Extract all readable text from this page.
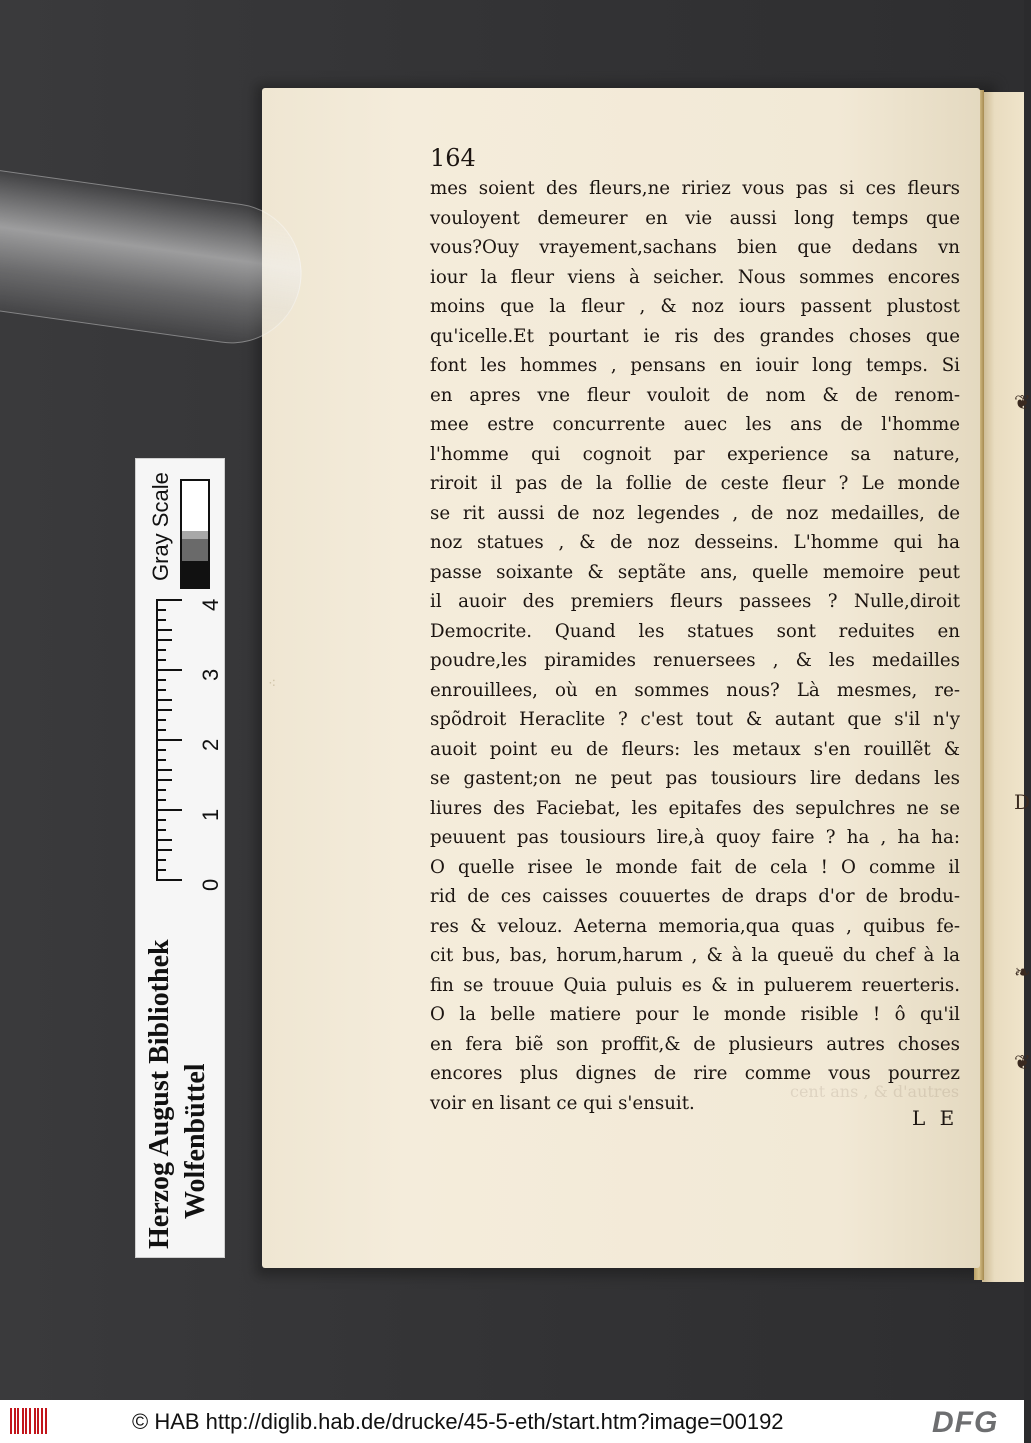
❦
D
❧
❦
cent ans , & d'autres
⁖
164
mes soient des fleurs,ne ririez vous pas si ces fleurs
vouloyent demeurer en vie aussi long temps que
vous?Ouy vrayement,sachans bien que dedans vn
iour la fleur viens à seicher. Nous sommes encores
moins que la fleur , & noz iours passent plustost
qu'icelle.Et pourtant ie ris des grandes choses que
font les hommes , pensans en iouir long temps. Si
en apres vne fleur vouloit de nom & de renom-
mee estre concurrente auec les ans de l'homme
l'homme qui cognoit par experience sa nature,
riroit il pas de la follie de ceste fleur ? Le monde
se rit aussi de noz legendes , de noz medailles, de
noz statues , & de noz desseins. L'homme qui ha
passe soixante & septãte ans, quelle memoire peut
il auoir des premiers fleurs passees ? Nulle,diroit
Democrite. Quand les statues sont reduites en
poudre,les piramides renuersees , & les medailles
enrouillees, où en sommes nous? Là mesmes, re-
spõdroit Heraclite ? c'est tout & autant que s'il n'y
auoit point eu de fleurs: les metaux s'en rouillẽt &
se gastent;on ne peut pas tousiours lire dedans les
liures des Faciebat, les epitafes des sepulchres ne se
peuuent pas tousiours lire,à quoy faire ? ha , ha ha:
O quelle risee le monde fait de cela ! O comme il
rid de ces caisses couuertes de draps d'or de brodu-
res & velouz. Aeterna memoria,qua quas , quibus fe-
cit bus, bas, horum,harum , & à la queuë du chef à la
fin se trouue Quia puluis es & in puluerem reuerteris.
O la belle matiere pour le monde risible ! ô qu'il
en fera biẽ son proffit,& de plusieurs autres choses
encores plus dignes de rire comme vous pourrez
voir en lisant ce qui s'ensuit.
L E
Gray Scale
4
3
2
1
0
Herzog August Bibliothek Wolfenbüttel
© HAB http://diglib.hab.de/drucke/45-5-eth/start.htm?image=00192	DFG
